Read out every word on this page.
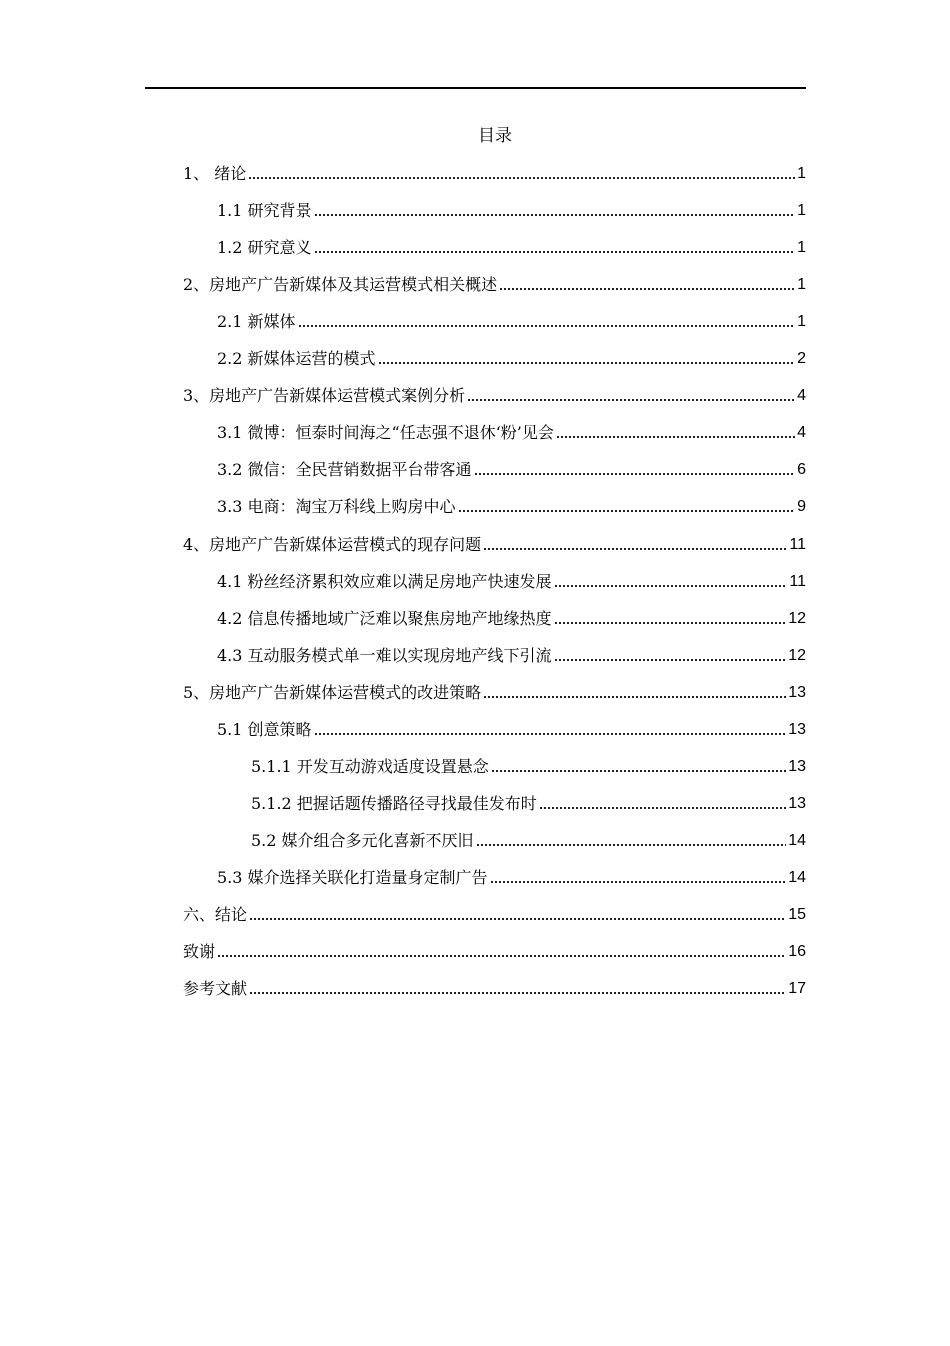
目录
1、 绪论	1
1.1 研究背景	1
1.2 研究意义	1
2、房地产广告新媒体及其运营模式相关概述	1
2.1 新媒体	1
2.2 新媒体运营的模式	2
3、房地产广告新媒体运营模式案例分析	4
3.1 微博：恒泰时间海之“任志强不退休‘粉’见会	4
3.2 微信：全民营销数据平台带客通	6
3.3 电商：淘宝万科线上购房中心	9
4、房地产广告新媒体运营模式的现存问题	11
4.1 粉丝经济累积效应难以满足房地产快速发展	11
4.2 信息传播地域广泛难以聚焦房地产地缘热度	12
4.3 互动服务模式单一难以实现房地产线下引流	12
5、房地产广告新媒体运营模式的改进策略	13
5.1 创意策略	13
5.1.1 开发互动游戏适度设置悬念	13
5.1.2 把握话题传播路径寻找最佳发布时	13
5.2 媒介组合多元化喜新不厌旧	14
5.3 媒介选择关联化打造量身定制广告	14
六、结论	15
致谢	16
参考文献	17
